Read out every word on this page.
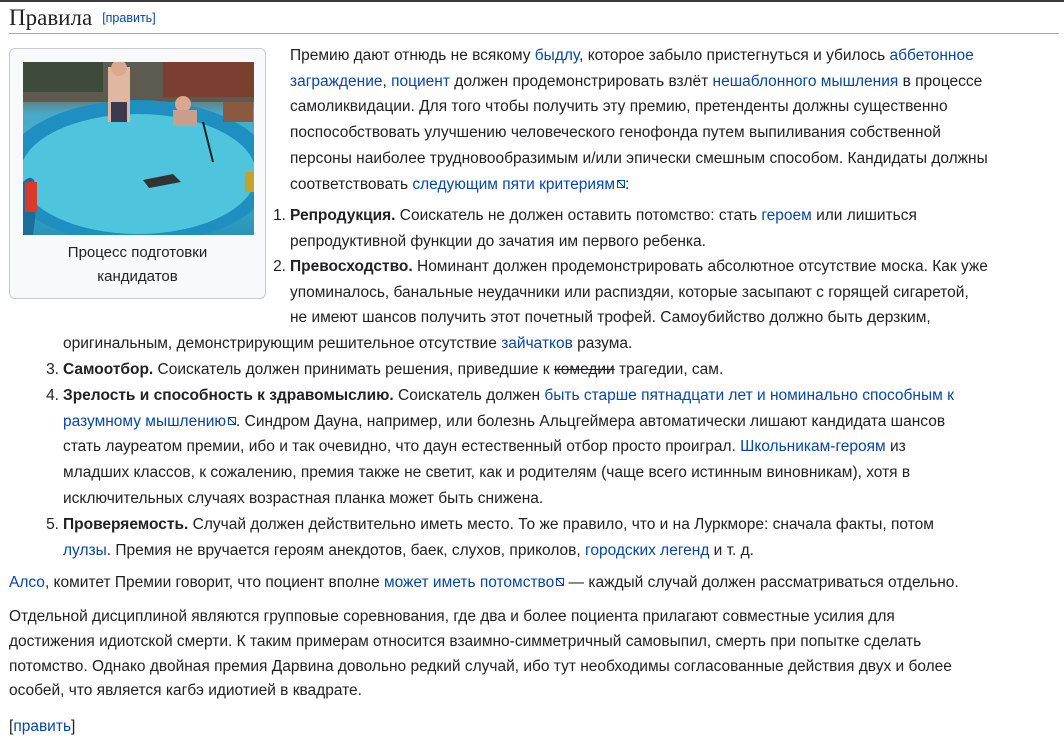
Правила [править]
Процесс подготовки
кандидатов
Премию дают отнюдь не всякому быдлу, которое забыло пристегнуться и убилось аббетонное
заграждение, поциент должен продемонстрировать взлёт нешаблонного мышления в процессе
самоликвидации. Для того чтобы получить эту премию, претенденты должны существенно
поспособствовать улучшению человеческого генофонда путем выпиливания собственной
персоны наиболее трудновообразимым и/или эпически смешным способом. Кандидаты должны
соответствовать следующим пяти критериям :
1. Репродукция. Соискатель не должен оставить потомство: стать героем или лишиться
репродуктивной функции до зачатия им первого ребенка.
2. Превосходство. Номинант должен продемонстрировать абсолютное отсутствие моска. Как уже
упоминалось, банальные неудачники или распиздяи, которые засыпают с горящей сигаретой,
не имеют шансов получить этот почетный трофей. Самоубийство должно быть дерзким,
оригинальным, демонстрирующим решительное отсутствие зайчатков разума.
3. Самоотбор. Соискатель должен принимать решения, приведшие к комедии трагедии, сам.
4. Зрелость и способность к здравомыслию. Соискатель должен быть старше пятнадцати лет и номинально способным к
разумному мышлению . Синдром Дауна, например, или болезнь Альцгеймера автоматически лишают кандидата шансов
стать лауреатом премии, ибо и так очевидно, что даун естественный отбор просто проиграл. Школьникам-героям из
младших классов, к сожалению, премия также не светит, как и родителям (чаще всего истинным виновникам), хотя в
исключительных случаях возрастная планка может быть снижена.
5. Проверяемость. Случай должен действительно иметь место. То же правило, что и на Луркморе: сначала факты, потом
лулзы. Премия не вручается героям анекдотов, баек, слухов, приколов, городских легенд и т. д.
Алсо, комитет Премии говорит, что поциент вполне может иметь потомство — каждый случай должен рассматриваться отдельно.
Отдельной дисциплиной являются групповые соревнования, где два и более поциента прилагают совместные усилия для
достижения идиотской смерти. К таким примерам относится взаимно-симметричный самовыпил, смерть при попытке сделать
потомство. Однако двойная премия Дарвина довольно редкий случай, ибо тут необходимы согласованные действия двух и более
особей, что является кагбэ идиотией в квадрате.
[править]
